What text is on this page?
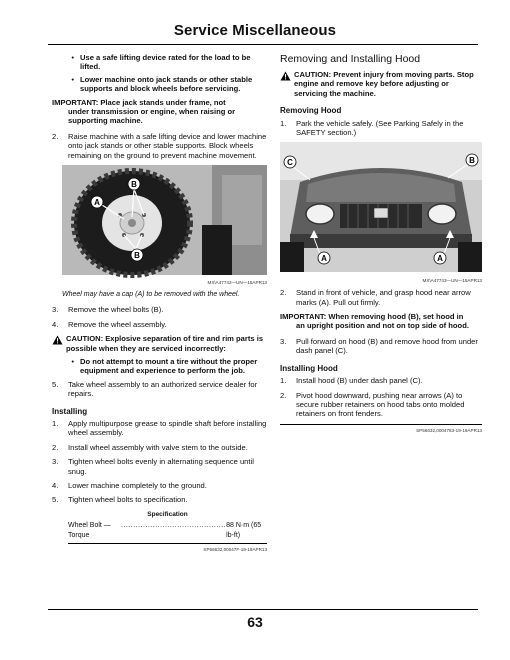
Service Miscellaneous
• Use a safe lifting device rated for the load to be lifted.
• Lower machine onto jack stands or other stable supports and block wheels before servicing.
IMPORTANT: Place jack stands under frame, not
under transmission or engine, when raising or supporting machine.
2.	Raise machine with a safe lifting device and lower machine onto jack stands or other stable supports. Block wheels remaining on the ground to prevent machine movement.
A
B
B
MX\A47742—UN—15APR13
Wheel may have a cap (A) to be removed with the wheel.
3.	Remove the wheel bolts (B).
4.	Remove the wheel assembly.
CAUTION: Explosive separation of tire and rim parts is possible when they are serviced incorrectly:
• Do not attempt to mount a tire without the proper equipment and experience to perform the job.
5.	Take wheel assembly to an authorized service dealer for repairs.
Installing
1.	Apply multipurpose grease to spindle shaft before installing wheel assembly.
2.	Install wheel assembly with valve stem to the outside.
3.	Tighten wheel bolts evenly in alternating sequence until snug.
4.	Lower machine completely to the ground.
5.	Tighten wheel bolts to specification.
Specification
Wheel Bolt — Torque
........................................... 88 N·m (65 lb-ft)
SP56632,00047F-19-19APR13
Removing and Installing Hood
CAUTION: Prevent injury from moving parts. Stop engine and remove key before adjusting or servicing the machine.
Removing Hood
1.	Park the vehicle safely. (See Parking Safely in the SAFETY section.)
C	B
A	A
MX\A47743—UN—15APR13
2.	Stand in front of vehicle, and grasp hood near arrow marks (A). Pull out firmly.
IMPORTANT: When removing hood (B), set hood in
an upright position and not on top side of hood.
3.	Pull forward on hood (B) and remove hood from under dash panel (C).
Installing Hood
1.	Install hood (B) under dash panel (C).
2.	Pivot hood downward, pushing near arrows (A) to secure rubber retainers on hood tabs onto molded retainers on front fenders.
SP56632,0004783-19-19APR13
63
